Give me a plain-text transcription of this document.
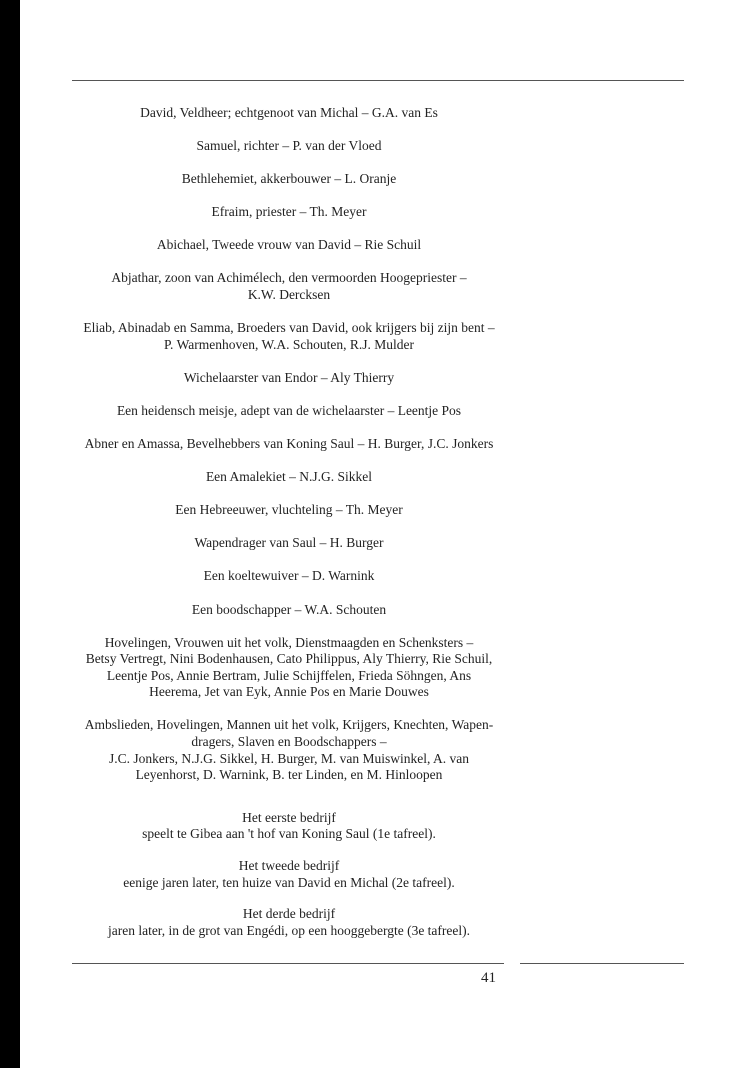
David, Veldheer; echtgenoot van Michal – G.A. van Es
Samuel, richter – P. van der Vloed
Bethlehemiet, akkerbouwer – L. Oranje
Efraim, priester – Th. Meyer
Abichael, Tweede vrouw van David – Rie Schuil
Abjathar, zoon van Achimélech, den vermoorden Hoogepriester –
K.W. Dercksen
Eliab, Abinadab en Samma, Broeders van David, ook krijgers bij zijn bent –
P. Warmenhoven, W.A. Schouten, R.J. Mulder
Wichelaarster van Endor – Aly Thierry
Een heidensch meisje, adept van de wichelaarster – Leentje Pos
Abner en Amassa, Bevelhebbers van Koning Saul – H. Burger, J.C. Jonkers
Een Amalekiet – N.J.G. Sikkel
Een Hebreeuwer, vluchteling – Th. Meyer
Wapendrager van Saul – H. Burger
Een koeltewuiver – D. Warnink
Een boodschapper – W.A. Schouten
Hovelingen, Vrouwen uit het volk, Dienstmaagden en Schenksters –
Betsy Vertregt, Nini Bodenhausen, Cato Philippus, Aly Thierry, Rie Schuil,
Leentje Pos, Annie Bertram, Julie Schijffelen, Frieda Söhngen, Ans
Heerema, Jet van Eyk, Annie Pos en Marie Douwes
Ambslieden, Hovelingen, Mannen uit het volk, Krijgers, Knechten, Wapen-
dragers, Slaven en Boodschappers –
J.C. Jonkers, N.J.G. Sikkel, H. Burger, M. van Muiswinkel, A. van
Leyenhorst, D. Warnink, B. ter Linden, en M. Hinloopen
Het eerste bedrijf
speelt te Gibea aan 't hof van Koning Saul (1e tafreel).
Het tweede bedrijf
eenige jaren later, ten huize van David en Michal (2e tafreel).
Het derde bedrijf
jaren later, in de grot van Engédi, op een hooggebergte (3e tafreel).
41
